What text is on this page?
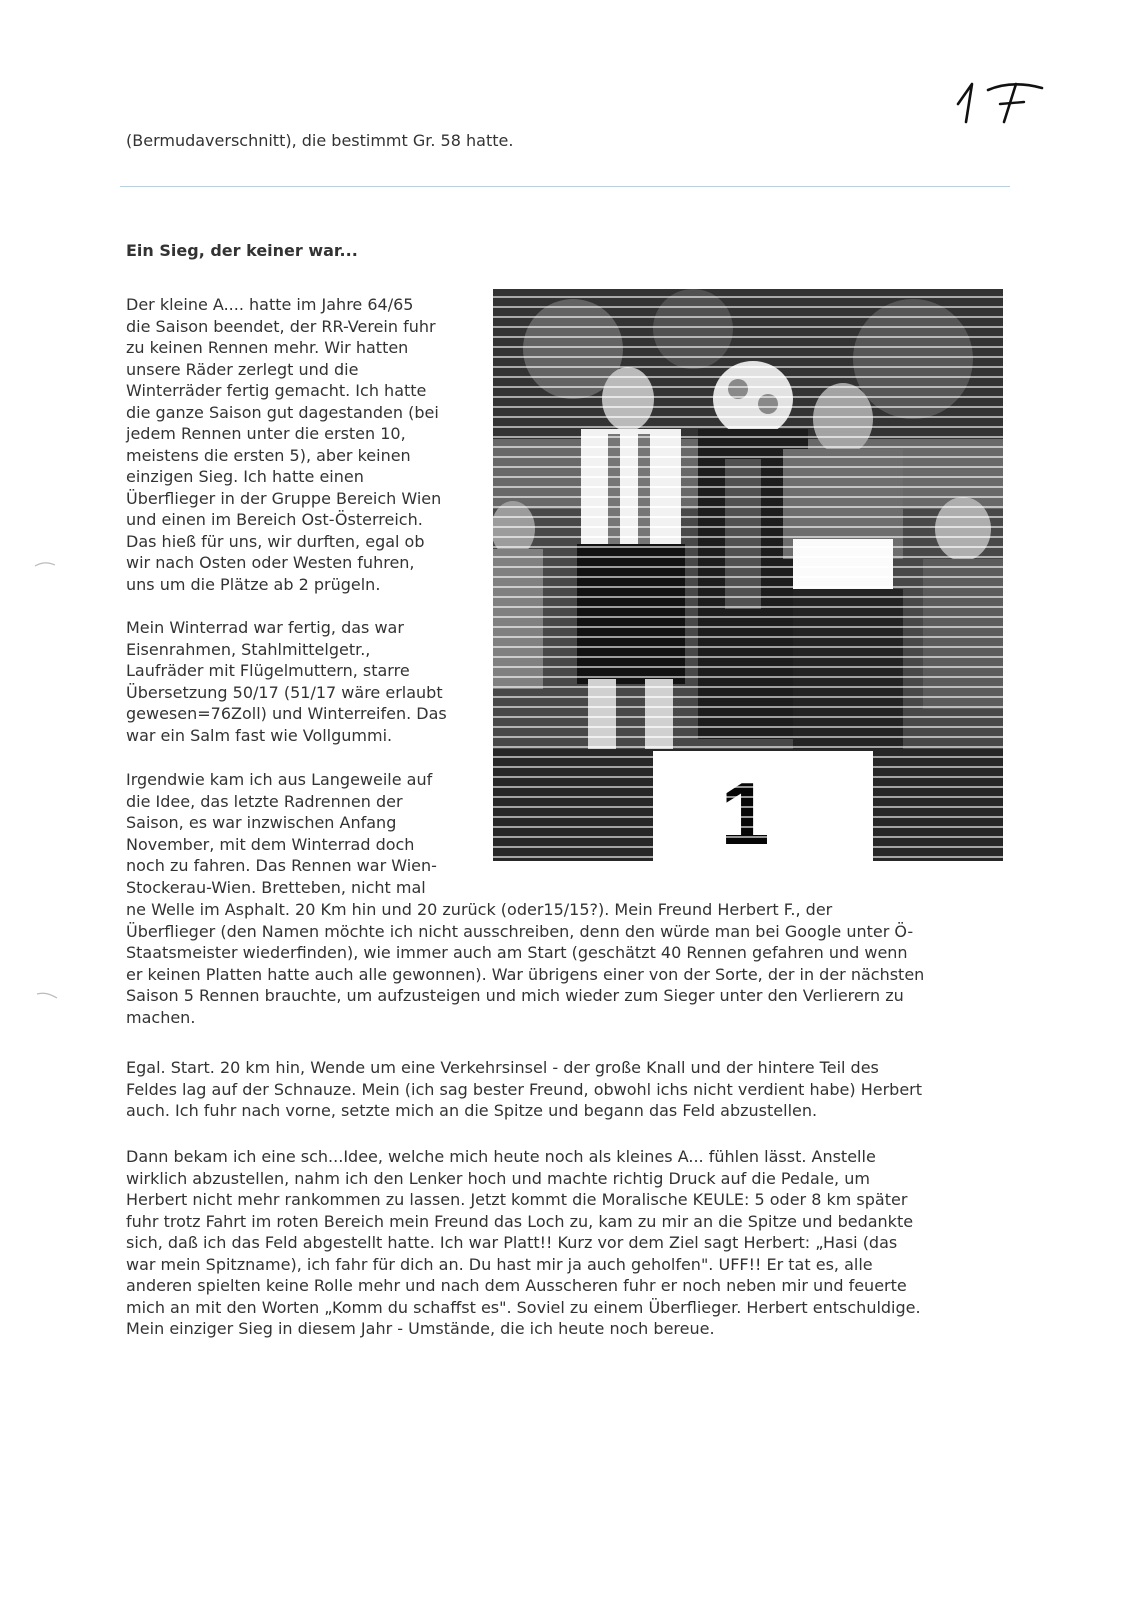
(Bermudaverschnitt), die bestimmt Gr. 58 hatte.
Ein Sieg, der keiner war...
Der kleine A.... hatte im Jahre 64/65
die Saison beendet, der RR-Verein fuhr
zu keinen Rennen mehr. Wir hatten
unsere Räder zerlegt und die
Winterräder fertig gemacht. Ich hatte
die ganze Saison gut dagestanden (bei
jedem Rennen unter die ersten 10,
meistens die ersten 5), aber keinen
einzigen Sieg. Ich hatte einen
Überflieger in der Gruppe Bereich Wien
und einen im Bereich Ost-Österreich.
Das hieß für uns, wir durften, egal ob
wir nach Osten oder Westen fuhren,
uns um die Plätze ab 2 prügeln.
Mein Winterrad war fertig, das war
Eisenrahmen, Stahlmittelgetr.,
Laufräder mit Flügelmuttern, starre
Übersetzung 50/17 (51/17 wäre erlaubt
gewesen=76Zoll) und Winterreifen. Das
war ein Salm fast wie Vollgummi.
Irgendwie kam ich aus Langeweile auf
die Idee, das letzte Radrennen der
Saison, es war inzwischen Anfang
November, mit dem Winterrad doch
noch zu fahren. Das Rennen war Wien-
Stockerau-Wien. Bretteben, nicht mal
ne Welle im Asphalt. 20 Km hin und 20 zurück (oder15/15?). Mein Freund Herbert F., der
Überflieger (den Namen möchte ich nicht ausschreiben, denn den würde man bei Google unter Ö-
Staatsmeister wiederfinden), wie immer auch am Start (geschätzt 40 Rennen gefahren und wenn
er keinen Platten hatte auch alle gewonnen). War übrigens einer von der Sorte, der in der nächsten
Saison 5 Rennen brauchte, um aufzusteigen und mich wieder zum Sieger unter den Verlierern zu
machen.
Egal. Start. 20 km hin, Wende um eine Verkehrsinsel - der große Knall und der hintere Teil des
Feldes lag auf der Schnauze. Mein (ich sag bester Freund, obwohl ichs nicht verdient habe) Herbert
auch. Ich fuhr nach vorne, setzte mich an die Spitze und begann das Feld abzustellen.
Dann bekam ich eine sch...Idee, welche mich heute noch als kleines A... fühlen lässt. Anstelle
wirklich abzustellen, nahm ich den Lenker hoch und machte richtig Druck auf die Pedale, um
Herbert nicht mehr rankommen zu lassen. Jetzt kommt die Moralische KEULE: 5 oder 8 km später
fuhr trotz Fahrt im roten Bereich mein Freund das Loch zu, kam zu mir an die Spitze und bedankte
sich, daß ich das Feld abgestellt hatte. Ich war Platt!! Kurz vor dem Ziel sagt Herbert: „Hasi (das
war mein Spitzname), ich fahr für dich an. Du hast mir ja auch geholfen". UFF!! Er tat es, alle
anderen spielten keine Rolle mehr und nach dem Ausscheren fuhr er noch neben mir und feuerte
mich an mit den Worten „Komm du schaffst es". Soviel zu einem Überflieger. Herbert entschuldige.
Mein einziger Sieg in diesem Jahr - Umstände, die ich heute noch bereue.
